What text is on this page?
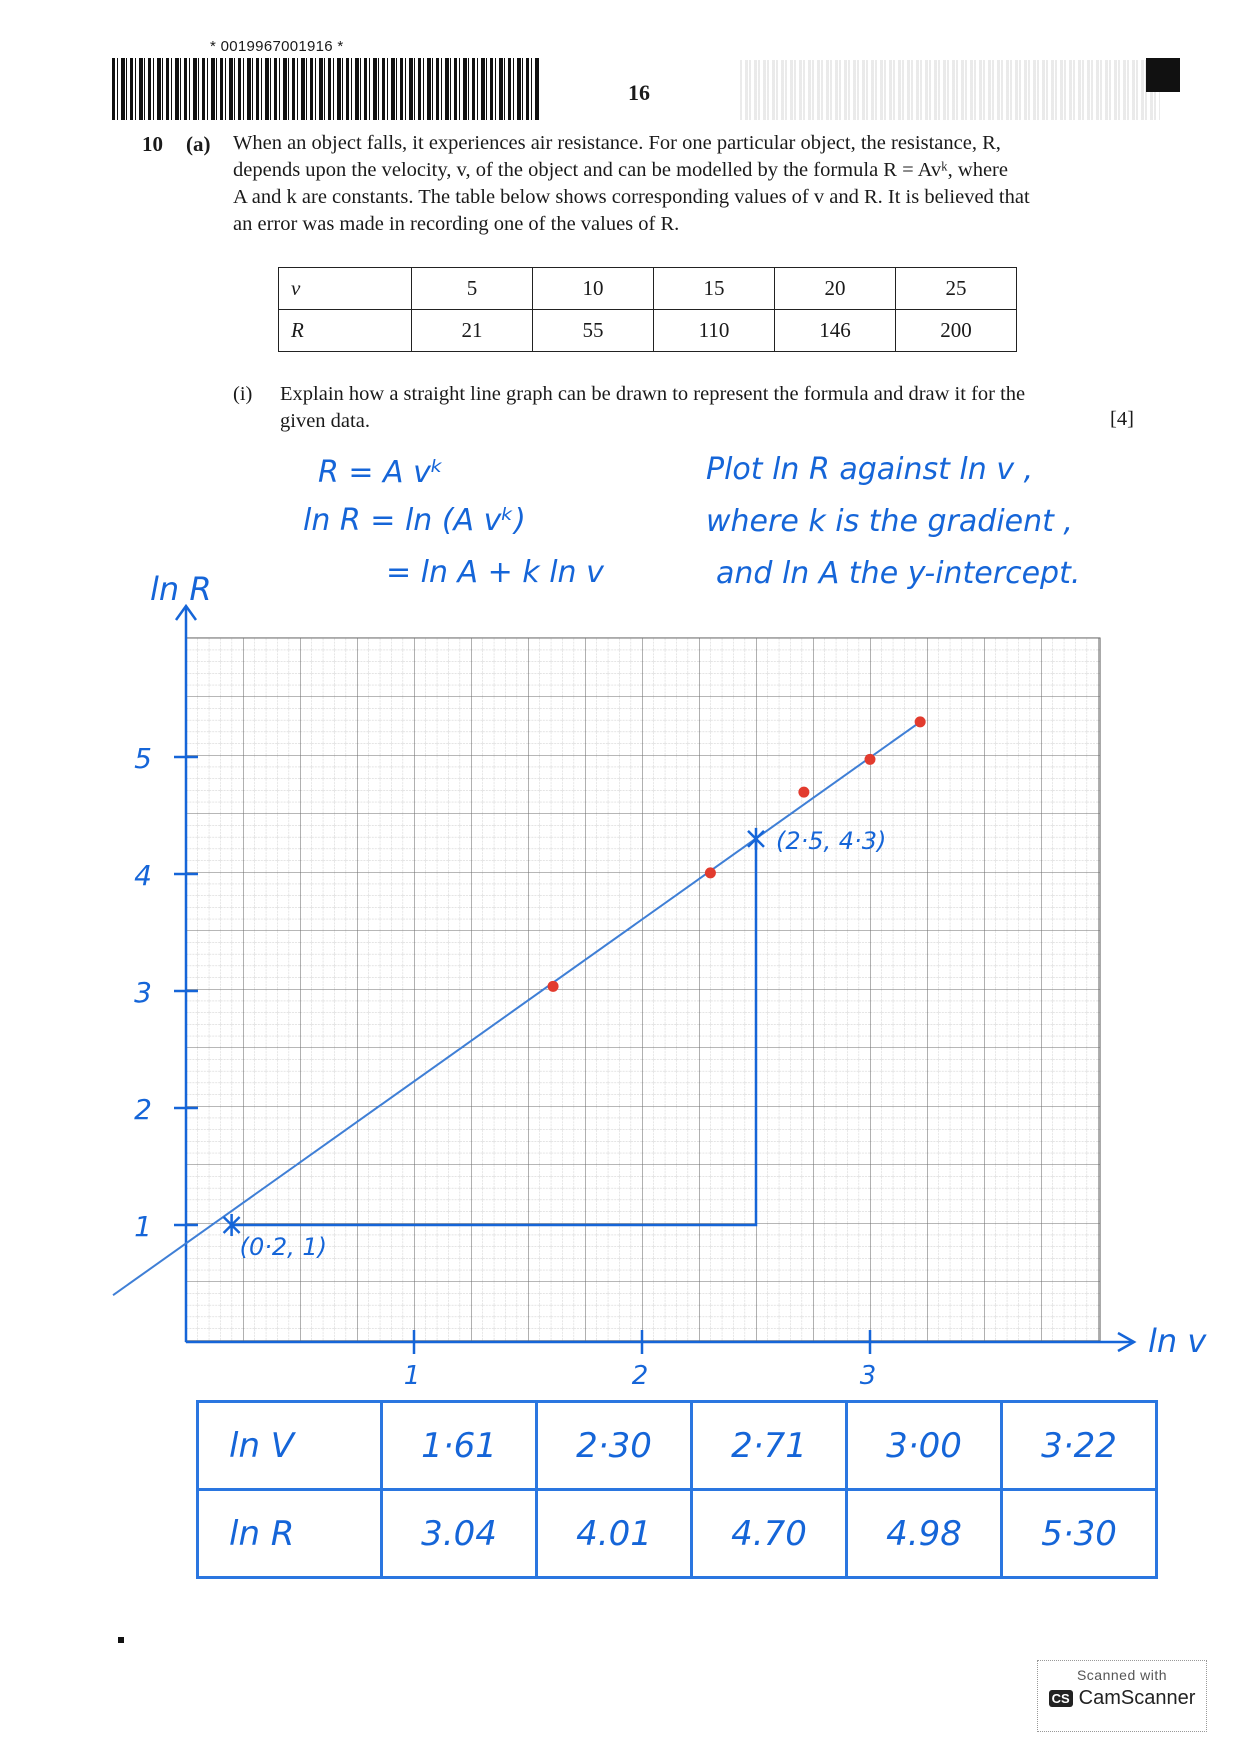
* 0019967001916 *
16
10 (a) When an object falls, it experiences air resistance. For one particular object, the resistance, R,
depends upon the velocity, v, of the object and can be modelled by the formula R = Avᵏ, where
A and k are constants. The table below shows corresponding values of v and R. It is believed that
an error was made in recording one of the values of R.
v	5	10	15	20	25
R	21	55	110	146	200
(i) Explain how a straight line graph can be drawn to represent the formula and draw it for the
given data.	[4]
R = A vᵏ
ln R = ln (A vᵏ)
= ln A + k ln v
Plot ln R against ln v ,
where k is the gradient ,
and ln A the y-intercept.
ln R
ln v
1
2
3
4
5
1	2	3
(0·2, 1)
(2·5, 4·3)
ln V	1·61	2·30	2·71	3·00	3·22
ln R	3.04	4.01	4.70	4.98	5·30
Scanned with
CS CamScanner
